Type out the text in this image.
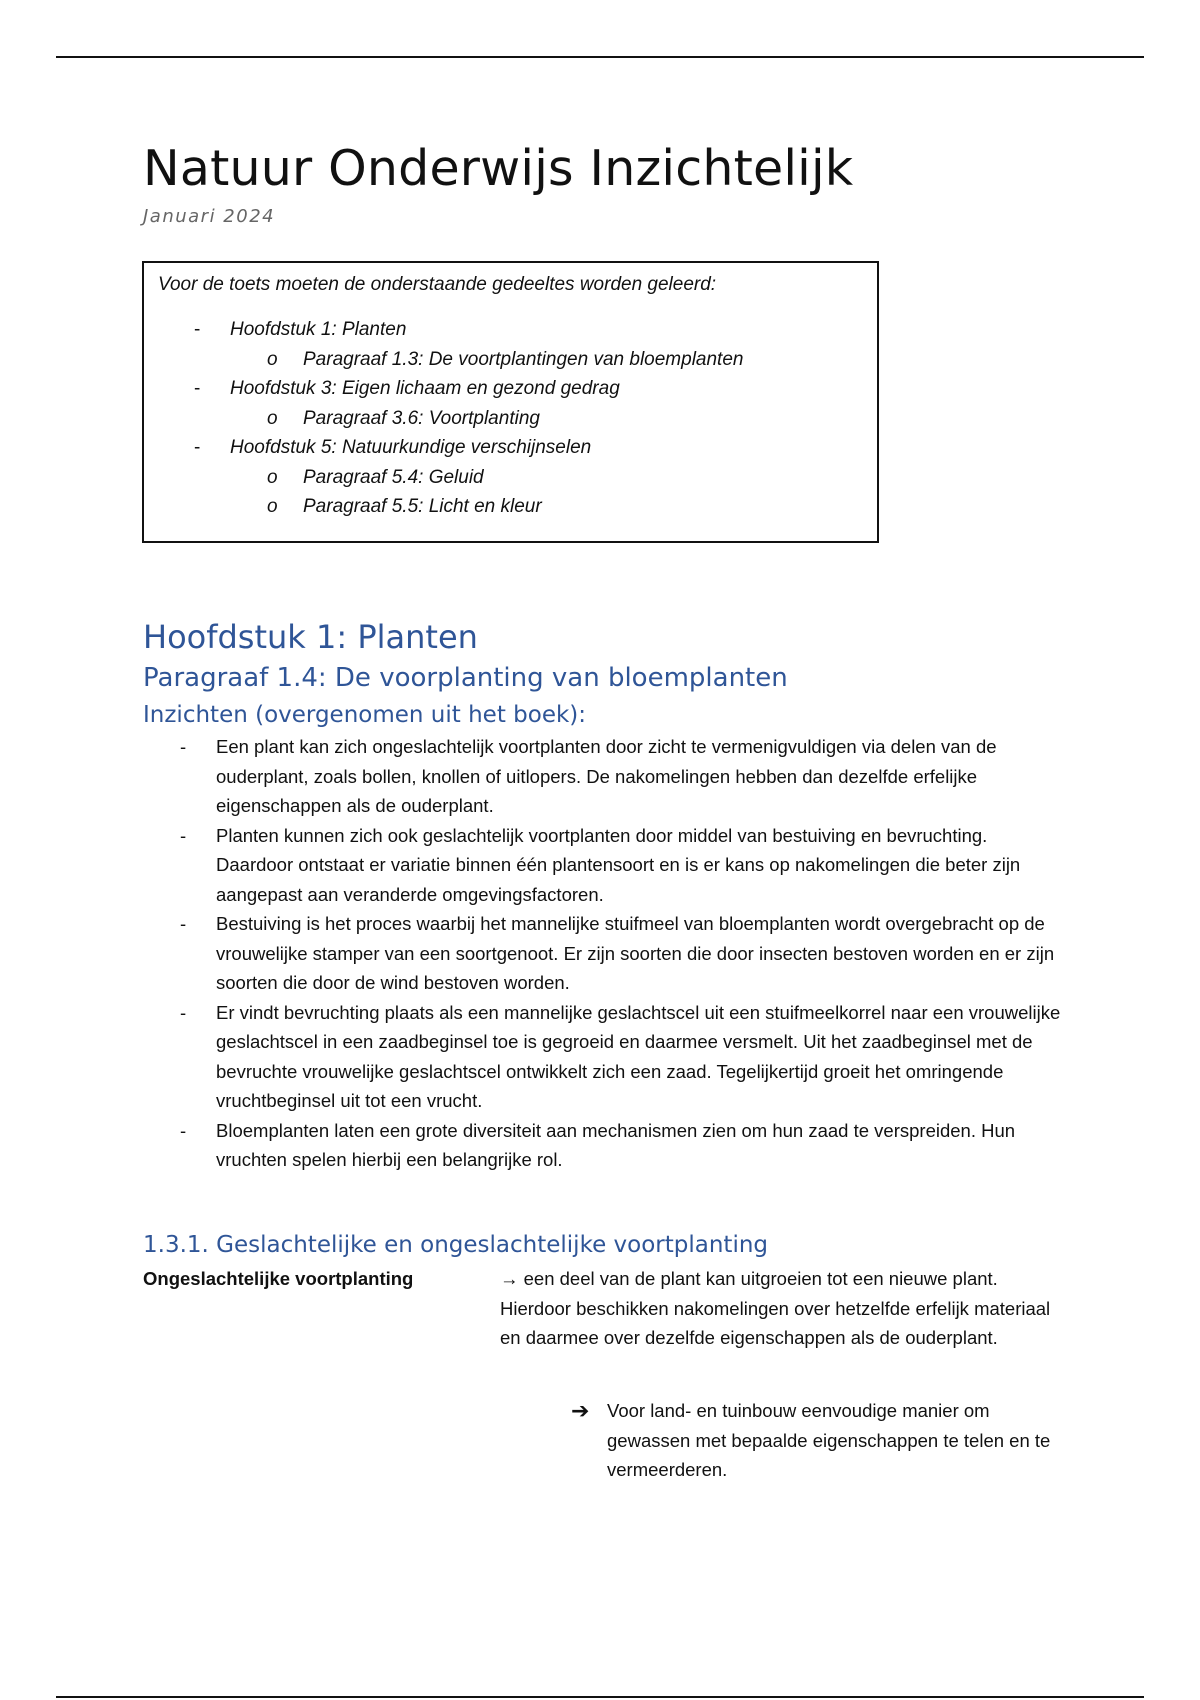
Natuur Onderwijs Inzichtelijk

Januari 2024

Voor de toets moeten de onderstaande gedeeltes worden geleerd:

- Hoofdstuk 1: Planten
o Paragraaf 1.3: De voortplantingen van bloemplanten
- Hoofdstuk 3: Eigen lichaam en gezond gedrag
o Paragraaf 3.6: Voortplanting
- Hoofdstuk 5: Natuurkundige verschijnselen
o Paragraaf 5.4: Geluid
o Paragraaf 5.5: Licht en kleur
Hoofdstuk 1: Planten
Paragraaf 1.4: De voorplanting van bloemplanten
Inzichten (overgenomen uit het boek):
- Een plant kan zich ongeslachtelijk voortplanten door zicht te vermenigvuldigen via delen van de ouderplant, zoals bollen, knollen of uitlopers. De nakomelingen hebben dan dezelfde erfelijke eigenschappen als de ouderplant.
- Planten kunnen zich ook geslachtelijk voortplanten door middel van bestuiving en bevruchting. Daardoor ontstaat er variatie binnen één plantensoort en is er kans op nakomelingen die beter zijn aangepast aan veranderde omgevingsfactoren.
- Bestuiving is het proces waarbij het mannelijke stuifmeel van bloemplanten wordt overgebracht op de vrouwelijke stamper van een soortgenoot. Er zijn soorten die door insecten bestoven worden en er zijn soorten die door de wind bestoven worden.
- Er vindt bevruchting plaats als een mannelijke geslachtscel uit een stuifmeelkorrel naar een vrouwelijke geslachtscel in een zaadbeginsel toe is gegroeid en daarmee versmelt. Uit het zaadbeginsel met de bevruchte vrouwelijke geslachtscel ontwikkelt zich een zaad. Tegelijkertijd groeit het omringende vruchtbeginsel uit tot een vrucht.
- Bloemplanten laten een grote diversiteit aan mechanismen zien om hun zaad te verspreiden. Hun vruchten spelen hierbij een belangrijke rol.
1.3.1. Geslachtelijke en ongeslachtelijke voortplanting

Ongeslachtelijke voortplanting	→ een deel van de plant kan uitgroeien tot een nieuwe plant. Hierdoor beschikken nakomelingen over hetzelfde erfelijk materiaal en daarmee over dezelfde eigenschappen als de ouderplant.

➔ Voor land- en tuinbouw eenvoudige manier om gewassen met bepaalde eigenschappen te telen en te vermeerderen.
